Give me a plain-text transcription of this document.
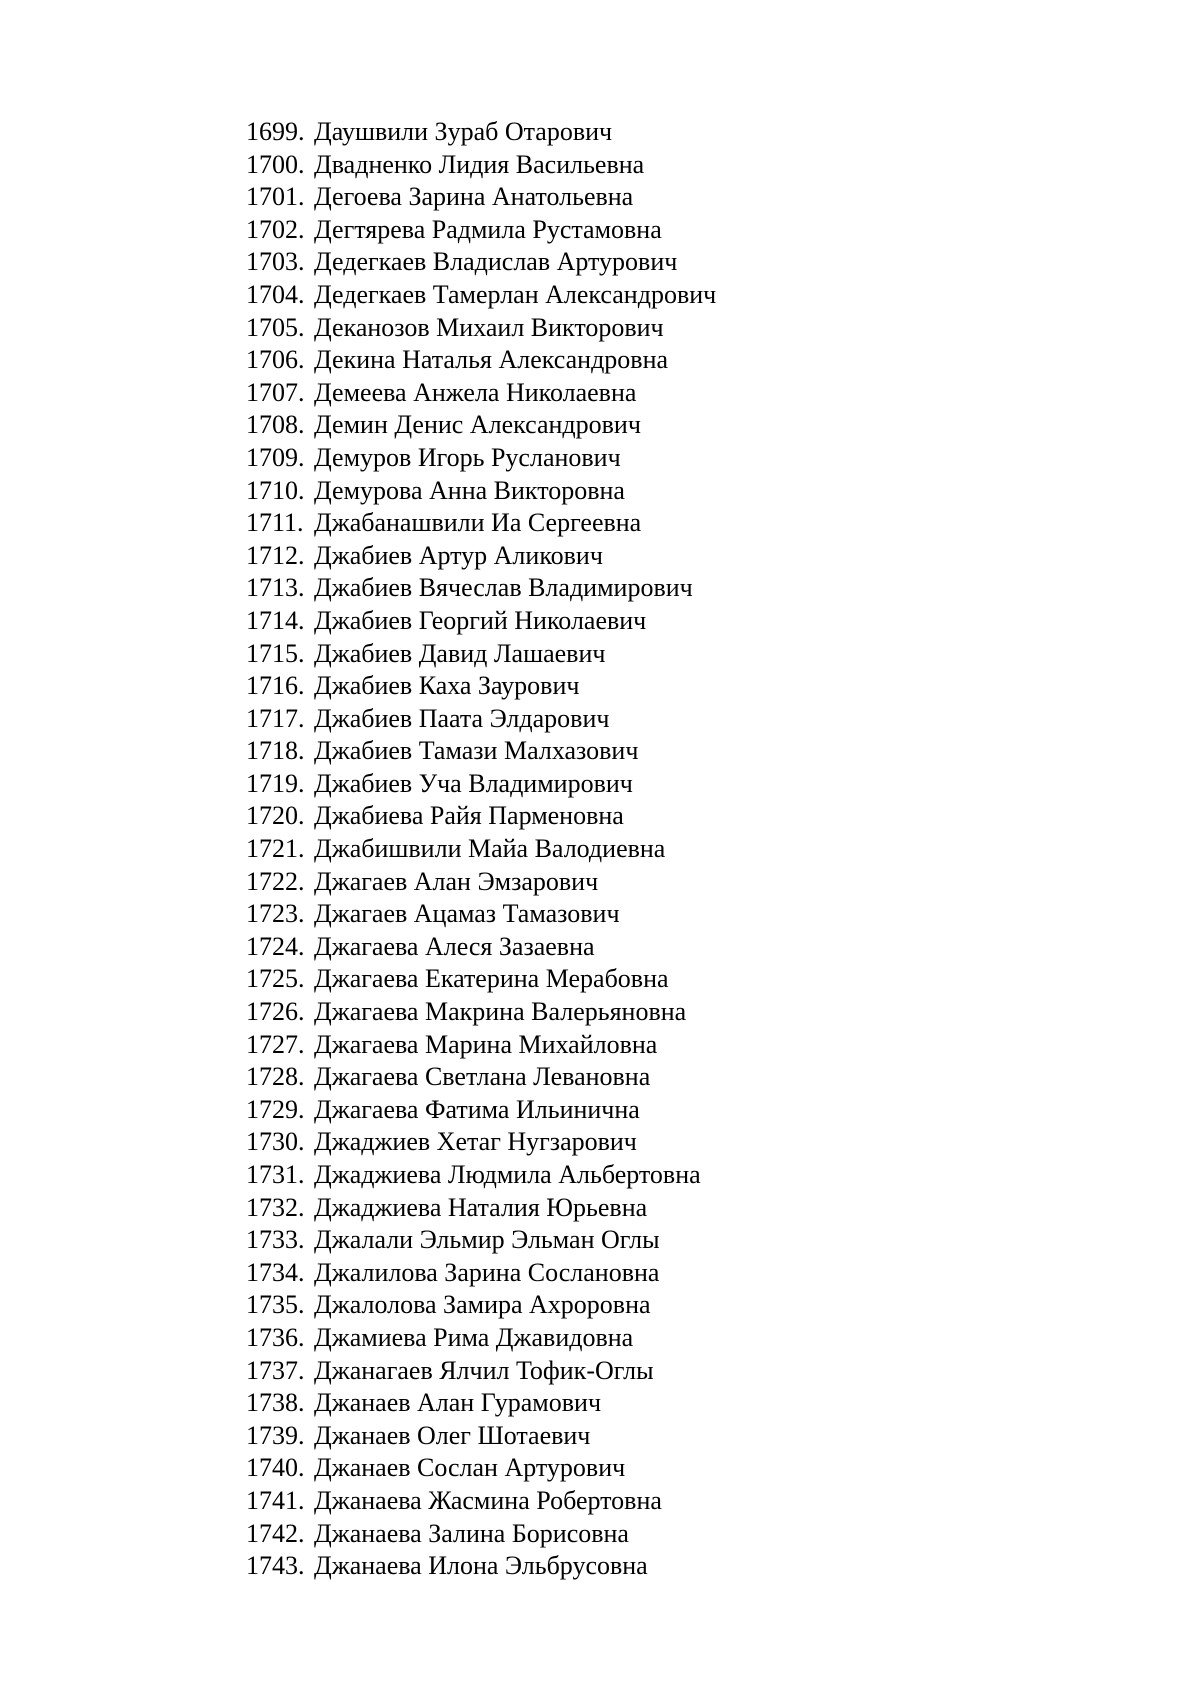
1699. Даушвили Зураб Отарович
1700. Двадненко Лидия Васильевна
1701. Дегоева Зарина Анатольевна
1702. Дегтярева Радмила Рустамовна
1703. Дедегкаев Владислав Артурович
1704. Дедегкаев Тамерлан Александрович
1705. Деканозов Михаил Викторович
1706. Декина Наталья Александровна
1707. Демеева Анжела Николаевна
1708. Демин Денис Александрович
1709. Демуров Игорь Русланович
1710. Демурова Анна Викторовна
1711. Джабанашвили Иа Сергеевна
1712. Джабиев Артур Аликович
1713. Джабиев Вячеслав Владимирович
1714. Джабиев Георгий Николаевич
1715. Джабиев Давид Лашаевич
1716. Джабиев Каха Заурович
1717. Джабиев Паата Элдарович
1718. Джабиев Тамази Малхазович
1719. Джабиев Уча Владимирович
1720. Джабиева Райя Парменовна
1721. Джабишвили Майа Валодиевна
1722. Джагаев Алан Эмзарович
1723. Джагаев Ацамаз Тамазович
1724. Джагаева Алеся Зазаевна
1725. Джагаева Екатерина Мерабовна
1726. Джагаева Макрина Валерьяновна
1727. Джагаева Марина Михайловна
1728. Джагаева Светлана Левановна
1729. Джагаева Фатима Ильинична
1730. Джаджиев Хетаг Нугзарович
1731. Джаджиева Людмила Альбертовна
1732. Джаджиева Наталия Юрьевна
1733. Джалали Эльмир Эльман Оглы
1734. Джалилова Зарина Сослановна
1735. Джалолова Замира Ахроровна
1736. Джамиева Рима Джавидовна
1737. Джанагаев Ялчил Тофик-Оглы
1738. Джанаев Алан Гурамович
1739. Джанаев Олег Шотаевич
1740. Джанаев Сослан Артурович
1741. Джанаева Жасмина Робертовна
1742. Джанаева Залина Борисовна
1743. Джанаева Илона Эльбрусовна
